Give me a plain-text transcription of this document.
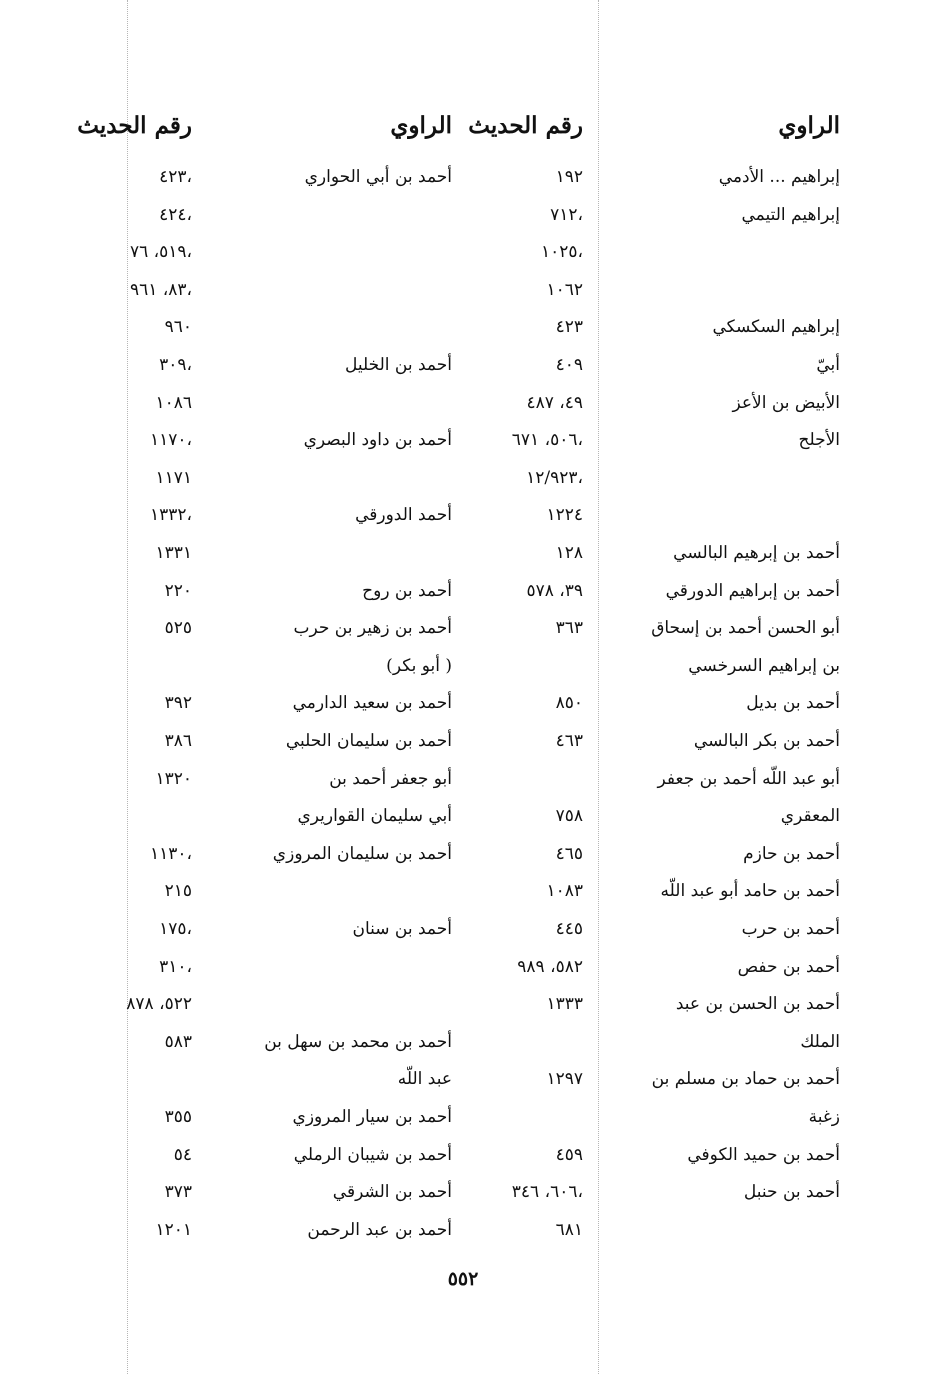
الراوي
رقم الحديث
الراوي
رقم الحديث
إبراهيم ... الأدمي
١٩٢
أحمد بن أبي الحواري
٤٢٣،
إبراهيم التيمي
٧١٢،
٤٢٤،
١٠٢٥،
٥١٩، ٧٦،
١٠٦٢
٨٣، ٩٦١،
إبراهيم السكسكي
٤٢٣
٩٦٠
أبيّ
٤٠٩
أحمد بن الخليل
٣٠٩،
الأبيض بن الأعز
٤٩، ٤٨٧
١٠٨٦
الأجلح
٥٠٦، ٦٧١،
أحمد بن داود البصري
١١٧٠،
١٢/٩٢٣،
١١٧١
١٢٢٤
أحمد الدورقي
١٣٣٢،
أحمد بن إبرهيم البالسي
١٢٨
١٣٣١
أحمد بن إبراهيم الدورقي
٣٩، ٥٧٨
أحمد بن روح
٢٢٠
أبو الحسن أحمد بن إسحاق
٣٦٣
أحمد بن زهير بن حرب
٥٢٥
بن إبراهيم السرخسي
(أبو بكر )
أحمد بن بديل
٨٥٠
أحمد بن سعيد الدارمي
٣٩٢
أحمد بن بكر البالسي
٤٦٣
أحمد بن سليمان الحلبي
٣٨٦
أبو عبد اللّه أحمد بن جعفر
أبو جعفر أحمد بن
١٣٢٠
المعقري
٧٥٨
أبي سليمان القواريري
أحمد بن حازم
٤٦٥
أحمد بن سليمان المروزي
١١٣٠،
أحمد بن حامد أبو عبد اللّه
١٠٨٣
٢١٥
أحمد بن حرب
٤٤٥
أحمد بن سنان
١٧٥،
أحمد بن حفص
٥٨٢، ٩٨٩
٣١٠،
أحمد بن الحسن بن عبد
١٣٣٣
٥٢٢، ٨٧٨
الملك
أحمد بن محمد بن سهل بن
٥٨٣
أحمد بن حماد بن مسلم بن
١٢٩٧
عبد اللّه
زغبة
أحمد بن سيار المروزي
٣٥٥
أحمد بن حميد الكوفي
٤٥٩
أحمد بن شيبان الرملي
٥٤
أحمد بن حنبل
٦٠٦، ٣٤٦،
أحمد بن الشرقي
٣٧٣
٦٨١
أحمد بن عبد الرحمن
١٢٠١
٥٥٢
